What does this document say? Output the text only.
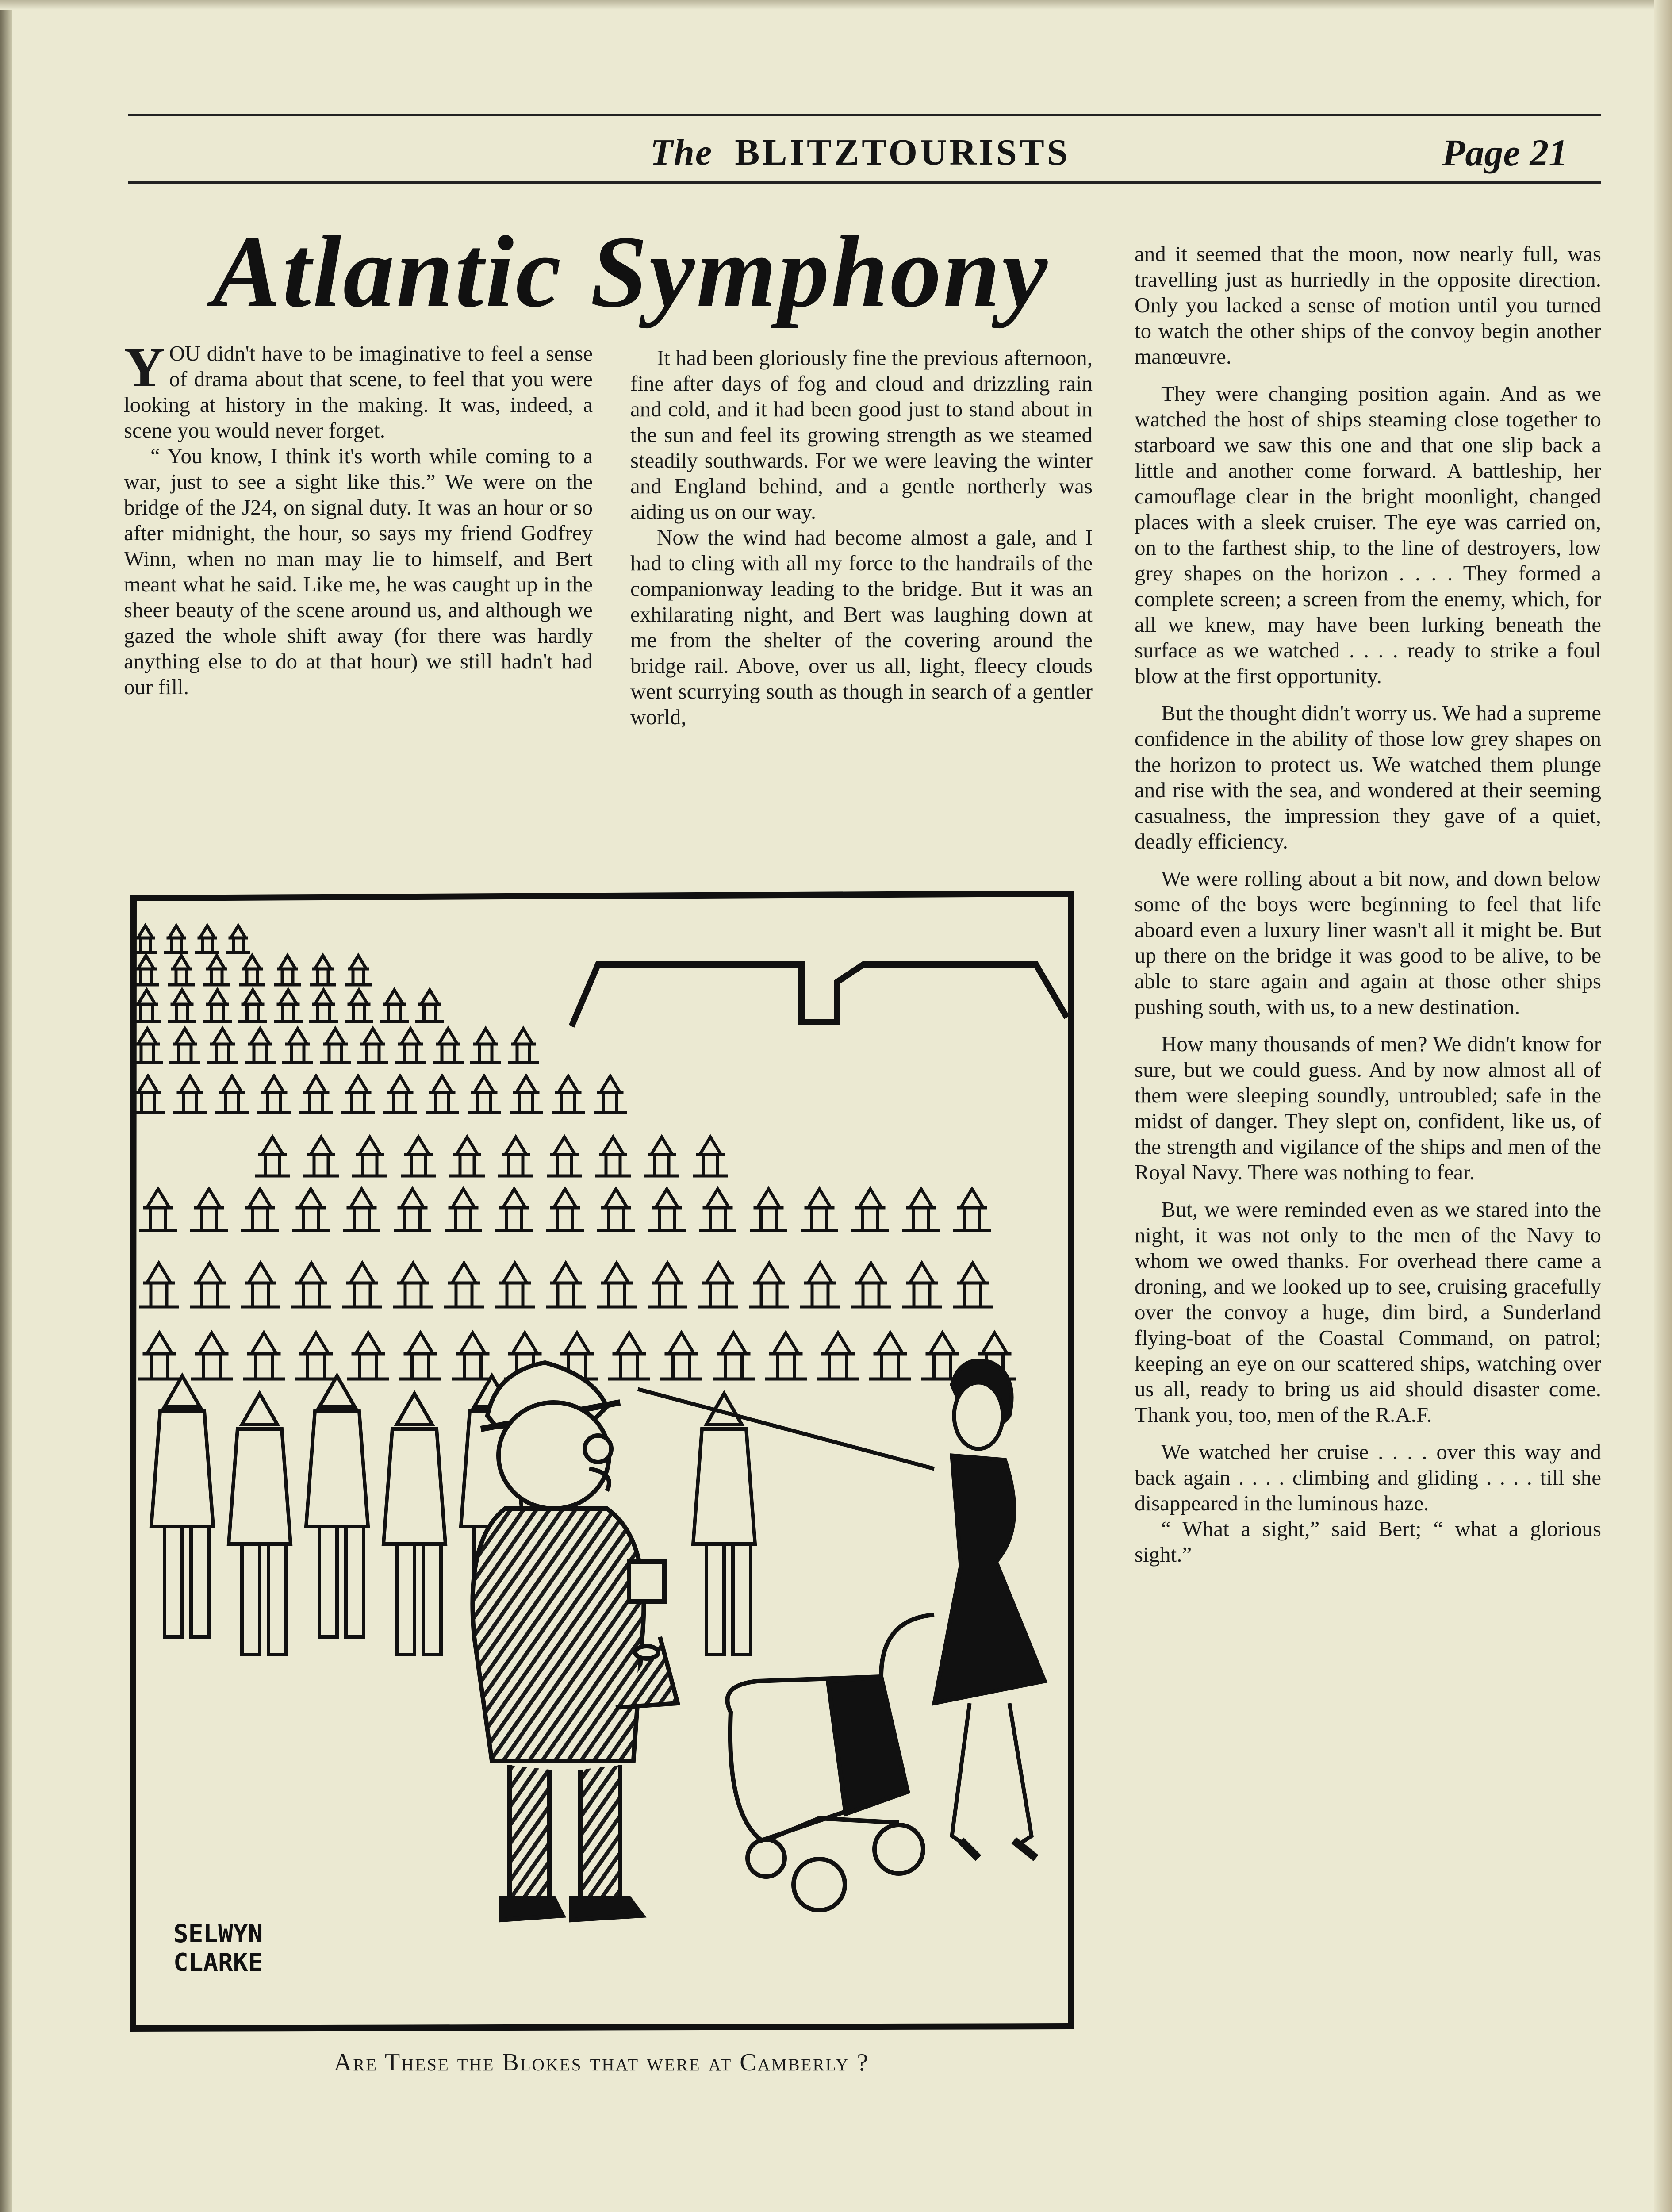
The BLITZTOURISTS	Page 21
Atlantic Symphony

YOU didn't have to be imaginative to feel a sense of drama about that scene, to feel that you were looking at history in the making. It was, indeed, a scene you would never forget.

“ You know, I think it's worth while coming to a war, just to see a sight like this.” We were on the bridge of the J24, on signal duty. It was an hour or so after midnight, the hour, so says my friend Godfrey Winn, when no man may lie to himself, and Bert meant what he said. Like me, he was caught up in the sheer beauty of the scene around us, and although we gazed the whole shift away (for there was hardly anything else to do at that hour) we still hadn't had our fill.

It had been gloriously fine the previous afternoon, fine after days of fog and cloud and drizzling rain and cold, and it had been good just to stand about in the sun and feel its growing strength as we steamed steadily southwards. For we were leaving the winter and England behind, and a gentle northerly was aiding us on our way.

Now the wind had become almost a gale, and I had to cling with all my force to the handrails of the companionway leading to the bridge. But it was an exhilarating night, and Bert was laughing down at me from the shelter of the covering around the bridge rail. Above, over us all, light, fleecy clouds went scurrying south as though in search of a gentler world,

and it seemed that the moon, now nearly full, was travelling just as hurriedly in the opposite direction. Only you lacked a sense of motion until you turned to watch the other ships of the convoy begin another manœuvre.

They were changing position again. And as we watched the host of ships steaming close together to starboard we saw this one and that one slip back a little and another come forward. A battleship, her camouflage clear in the bright moonlight, changed places with a sleek cruiser. The eye was carried on, on to the farthest ship, to the line of destroyers, low grey shapes on the horizon . . . . They formed a complete screen; a screen from the enemy, which, for all we knew, may have been lurking beneath the surface as we watched . . . . ready to strike a foul blow at the first opportunity.

But the thought didn't worry us. We had a supreme confidence in the ability of those low grey shapes on the horizon to protect us. We watched them plunge and rise with the sea, and wondered at their seeming casualness, the impression they gave of a quiet, deadly efficiency.

We were rolling about a bit now, and down below some of the boys were beginning to feel that life aboard even a luxury liner wasn't all it might be. But up there on the bridge it was good to be alive, to be able to stare again and again at those other ships pushing south, with us, to a new destination.

How many thousands of men? We didn't know for sure, but we could guess. And by now almost all of them were sleeping soundly, untroubled; safe in the midst of danger. They slept on, confident, like us, of the strength and vigilance of the ships and men of the Royal Navy. There was nothing to fear.

But, we were reminded even as we stared into the night, it was not only to the men of the Navy to whom we owed thanks. For overhead there came a droning, and we looked up to see, cruising gracefully over the convoy a huge, dim bird, a Sunderland flying-boat of the Coastal Command, on patrol; keeping an eye on our scattered ships, watching over us all, ready to bring us aid should disaster come. Thank you, too, men of the R.A.F.

We watched her cruise . . . . over this way and back again . . . . climbing and gliding . . . . till she disappeared in the luminous haze.

“ What a sight,” said Bert; “ what a glorious sight.”

SELWYN
CLARKE
Are These the Blokes that were at Camberly ?
